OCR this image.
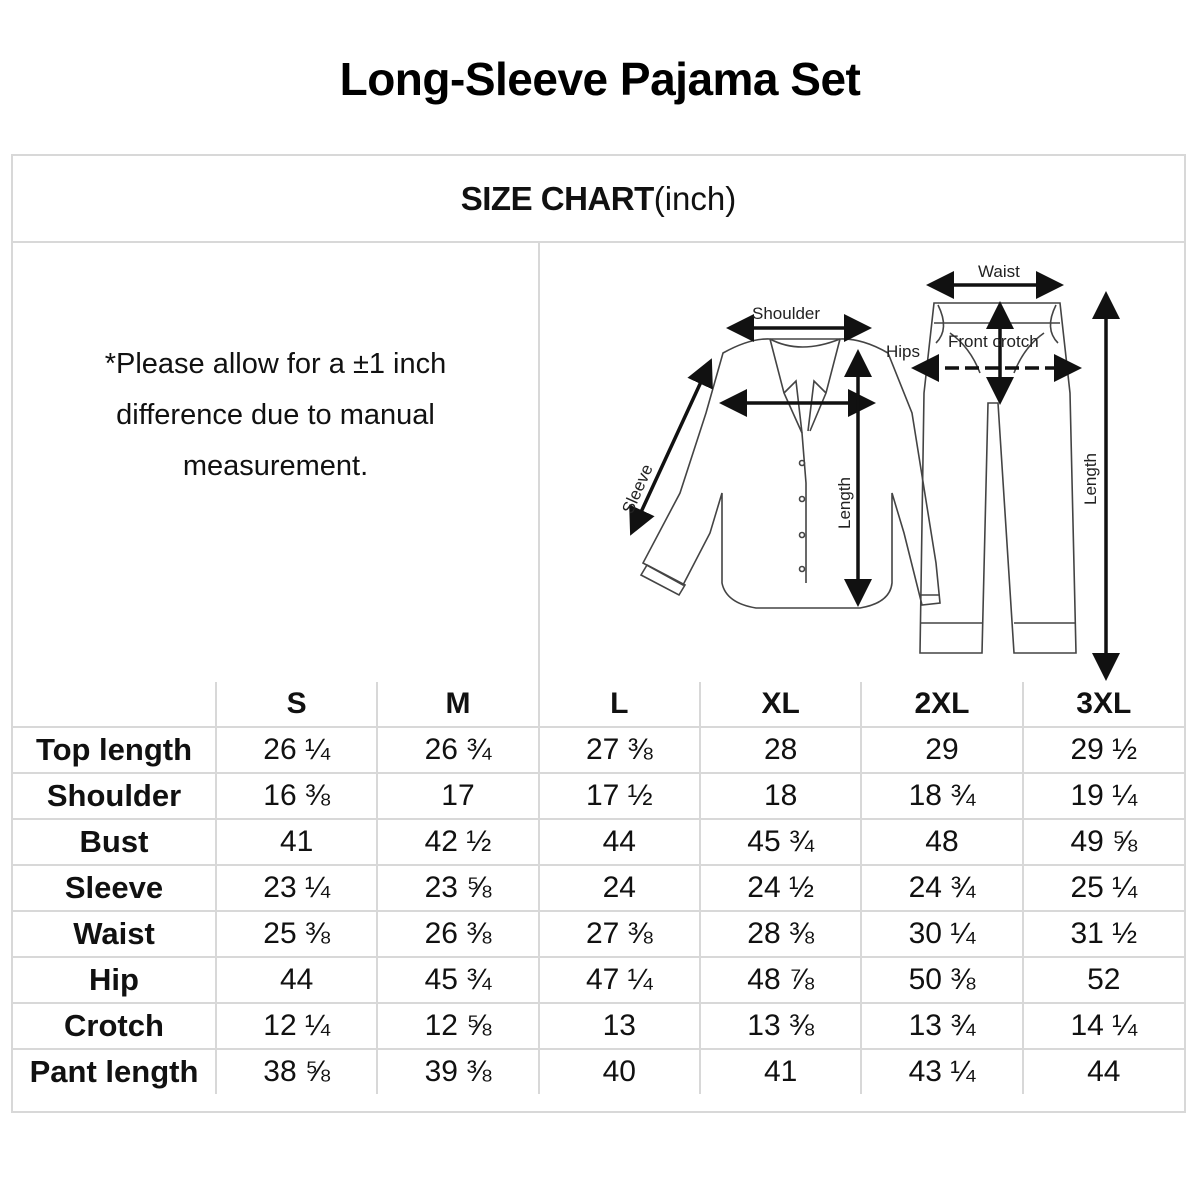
Long-Sleeve Pajama Set
SIZE CHART (inch)
*Please allow for a ±1 inch difference due to manual measurement.
Shoulder
Sleeve	Length
Waist
Hips
Front crotch
Length
	S	M	L	XL	2XL	3XL
Top length	26 ¼	26 ¾	27 ⅜	28	29	29 ½
Shoulder	16 ⅜	17	17 ½	18	18 ¾	19 ¼
Bust	41	42 ½	44	45 ¾	48	49 ⅝
Sleeve	23 ¼	23 ⅝	24	24 ½	24 ¾	25 ¼
Waist	25 ⅜	26 ⅜	27 ⅜	28 ⅜	30 ¼	31 ½
Hip	44	45 ¾	47 ¼	48 ⅞	50 ⅜	52
Crotch	12 ¼	12 ⅝	13	13 ⅜	13 ¾	14 ¼
Pant length	38 ⅝	39 ⅜	40	41	43 ¼	44
